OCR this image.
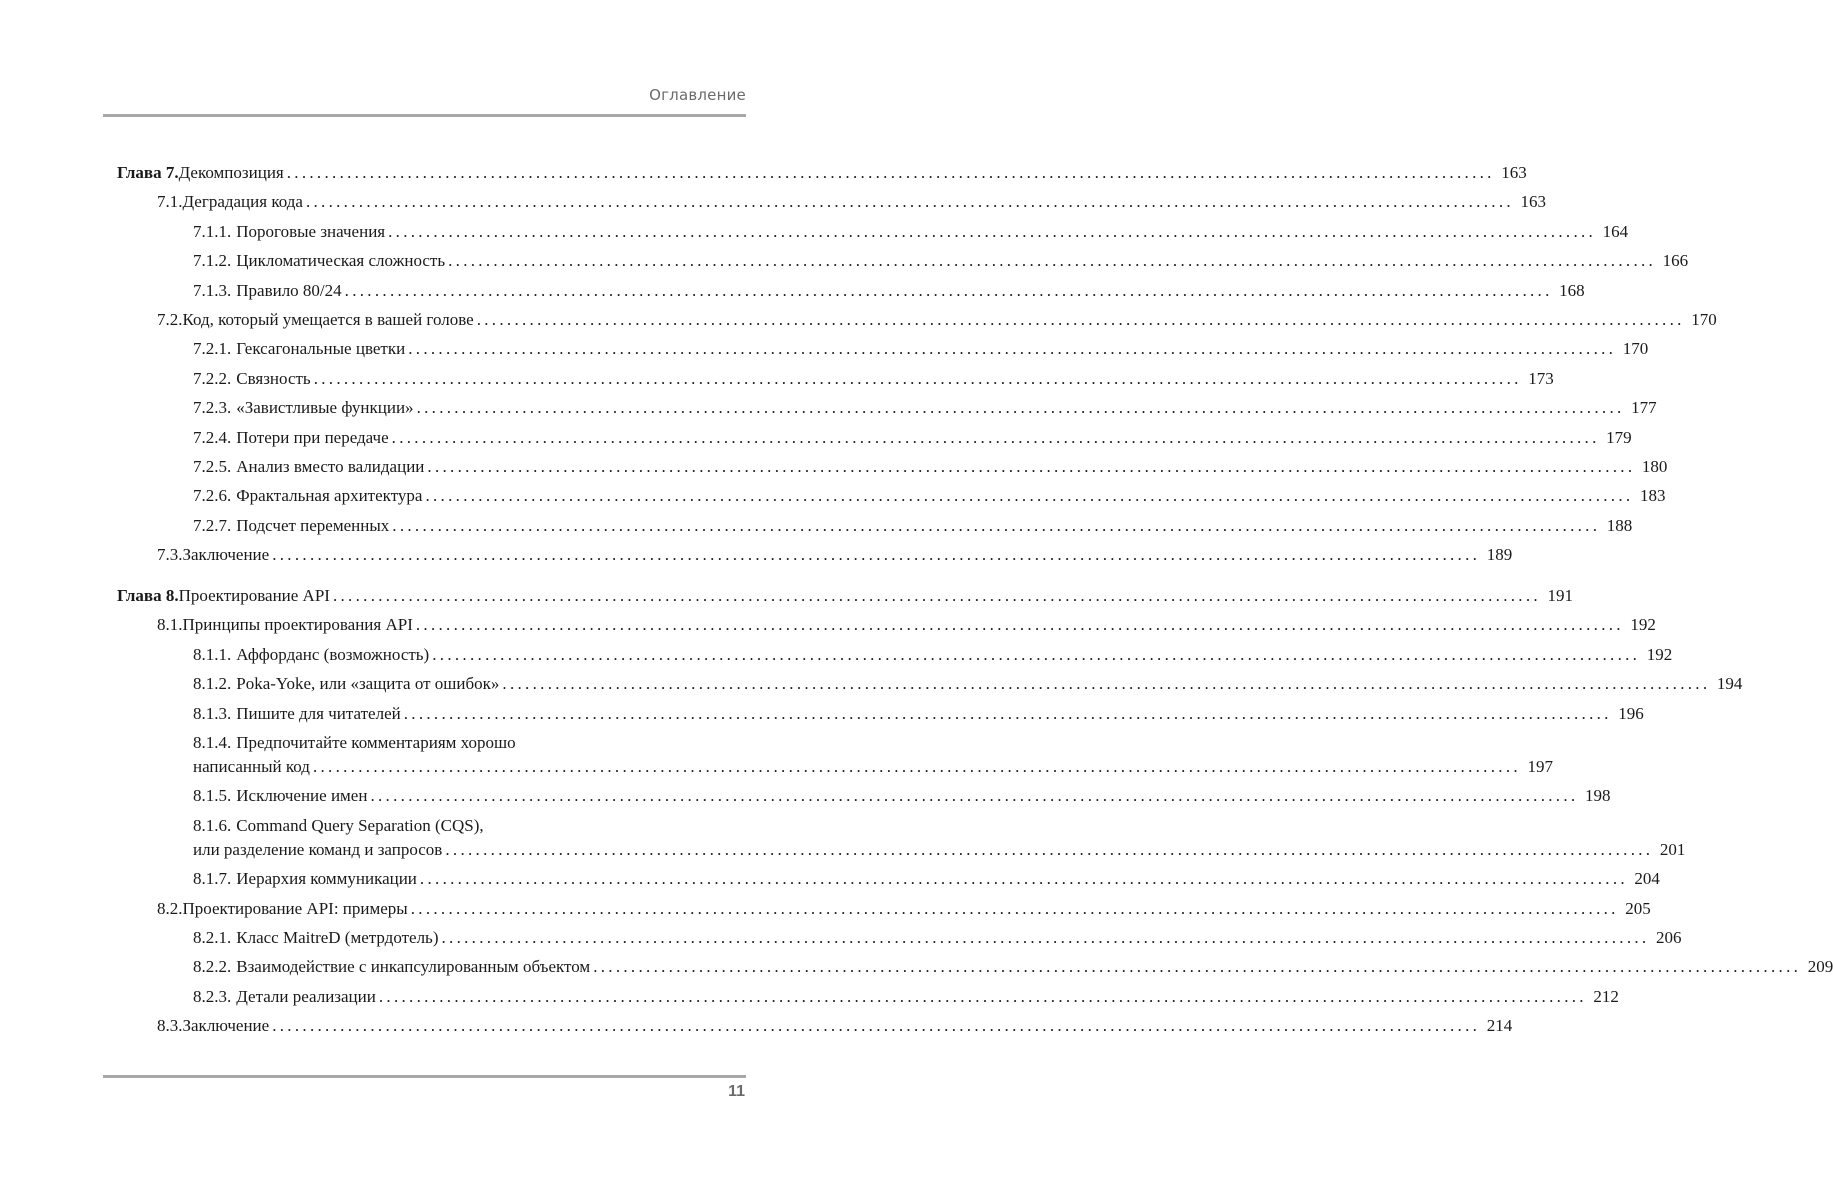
Оглавление
Глава 7. Декомпозиция ................................................................................................................................................................ 163
7.1. Деградация кода ................................................................................................................................................................ 163
7.1.1. Пороговые значения ................................................................................................................................................................ 164
7.1.2. Цикломатическая сложность ................................................................................................................................................................ 166
7.1.3. Правило 80/24 ................................................................................................................................................................ 168
7.2. Код, который умещается в вашей голове ................................................................................................................................................................ 170
7.2.1. Гексагональные цветки ................................................................................................................................................................ 170
7.2.2. Связность ................................................................................................................................................................ 173
7.2.3. «Завистливые функции» ................................................................................................................................................................ 177
7.2.4. Потери при передаче ................................................................................................................................................................ 179
7.2.5. Анализ вместо валидации ................................................................................................................................................................ 180
7.2.6. Фрактальная архитектура ................................................................................................................................................................ 183
7.2.7. Подсчет переменных ................................................................................................................................................................ 188
7.3. Заключение ................................................................................................................................................................ 189
Глава 8. Проектирование API ................................................................................................................................................................ 191
8.1. Принципы проектирования API ................................................................................................................................................................ 192
8.1.1. Аффорданс (возможность) ................................................................................................................................................................ 192
8.1.2. Poka-Yoke, или «защита от ошибок» ................................................................................................................................................................ 194
8.1.3. Пишите для читателей ................................................................................................................................................................ 196
8.1.4. Предпочитайте комментариям хорошо
написанный код ................................................................................................................................................................ 197
8.1.5. Исключение имен ................................................................................................................................................................ 198
8.1.6. Command Query Separation (CQS),
или разделение команд и запросов ................................................................................................................................................................ 201
8.1.7. Иерархия коммуникации ................................................................................................................................................................ 204
8.2. Проектирование API: примеры ................................................................................................................................................................ 205
8.2.1. Класс MaitreD (метрдотель) ................................................................................................................................................................ 206
8.2.2. Взаимодействие с инкапсулированным объектом ................................................................................................................................................................ 209
8.2.3. Детали реализации ................................................................................................................................................................ 212
8.3. Заключение ................................................................................................................................................................ 214
11
